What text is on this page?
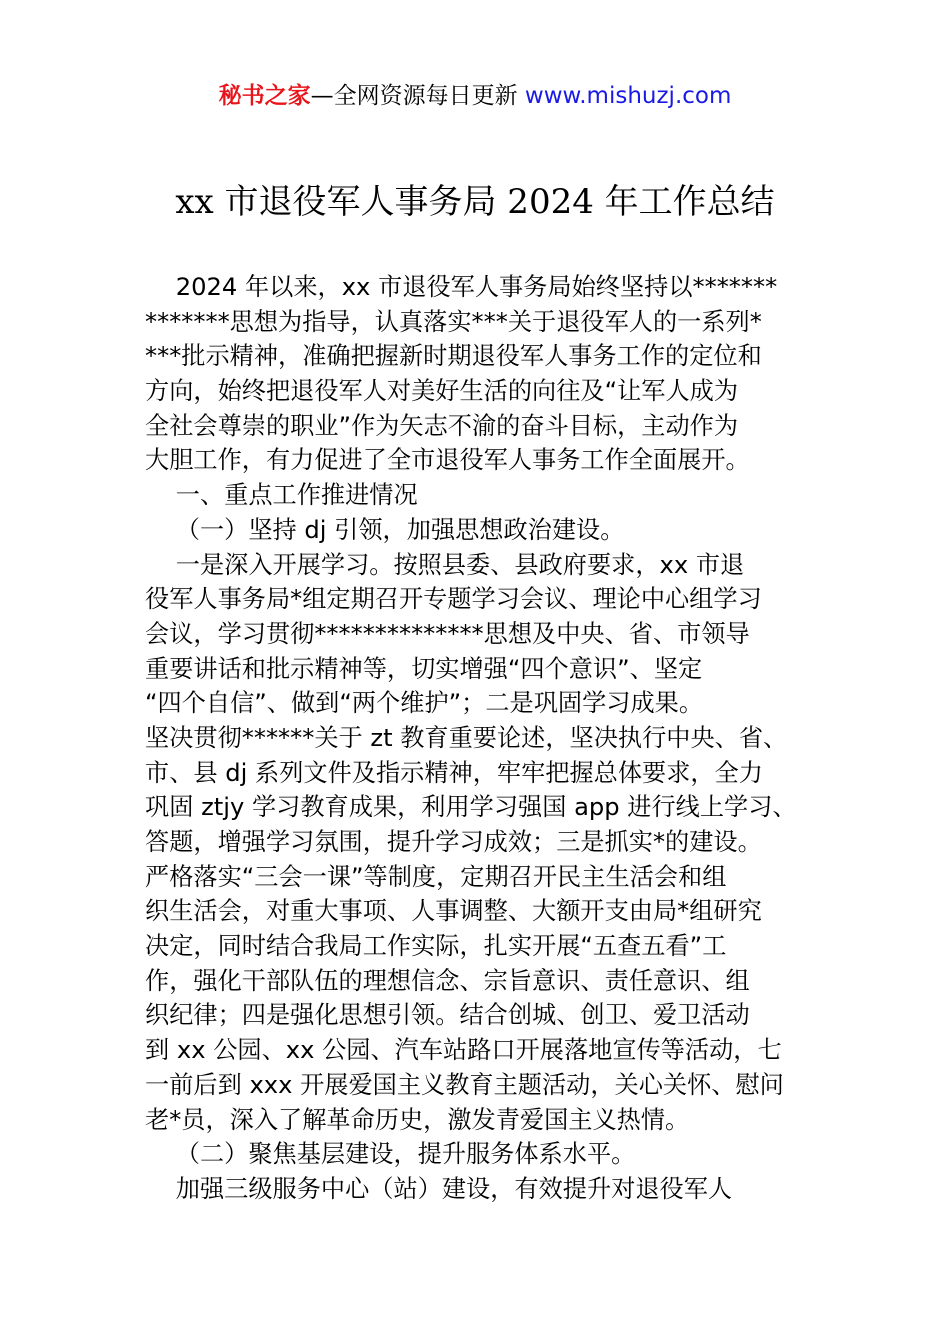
秘书之家—全网资源每日更新 www.mishuzj.com
xx 市退役军人事务局 2024 年工作总结
2024 年以来，xx 市退役军人事务局始终坚持以*******
*******思想为指导，认真落实***关于退役军人的一系列*
***批示精神，准确把握新时期退役军人事务工作的定位和
方向，始终把退役军人对美好生活的向往及“让军人成为
全社会尊崇的职业”作为矢志不渝的奋斗目标，主动作为
大胆工作，有力促进了全市退役军人事务工作全面展开。
一、重点工作推进情况
（一）坚持 dj 引领，加强思想政治建设。
一是深入开展学习。按照县委、县政府要求，xx 市退
役军人事务局*组定期召开专题学习会议、理论中心组学习
会议，学习贯彻**************思想及中央、省、市领导
重要讲话和批示精神等，切实增强“四个意识”、坚定
“四个自信”、做到“两个维护”；二是巩固学习成果。
坚决贯彻******关于 zt 教育重要论述，坚决执行中央、省、
市、县 dj 系列文件及指示精神，牢牢把握总体要求，全力
巩固 ztjy 学习教育成果，利用学习强国 app 进行线上学习、
答题，增强学习氛围，提升学习成效；三是抓实*的建设。
严格落实“三会一课”等制度，定期召开民主生活会和组
织生活会，对重大事项、人事调整、大额开支由局*组研究
决定，同时结合我局工作实际，扎实开展“五查五看”工
作，强化干部队伍的理想信念、宗旨意识、责任意识、组
织纪律；四是强化思想引领。结合创城、创卫、爱卫活动
到 xx 公园、xx 公园、汽车站路口开展落地宣传等活动，七
一前后到 xxx 开展爱国主义教育主题活动，关心关怀、慰问
老*员，深入了解革命历史，激发青爱国主义热情。
（二）聚焦基层建设，提升服务体系水平。
加强三级服务中心（站）建设，有效提升对退役军人
